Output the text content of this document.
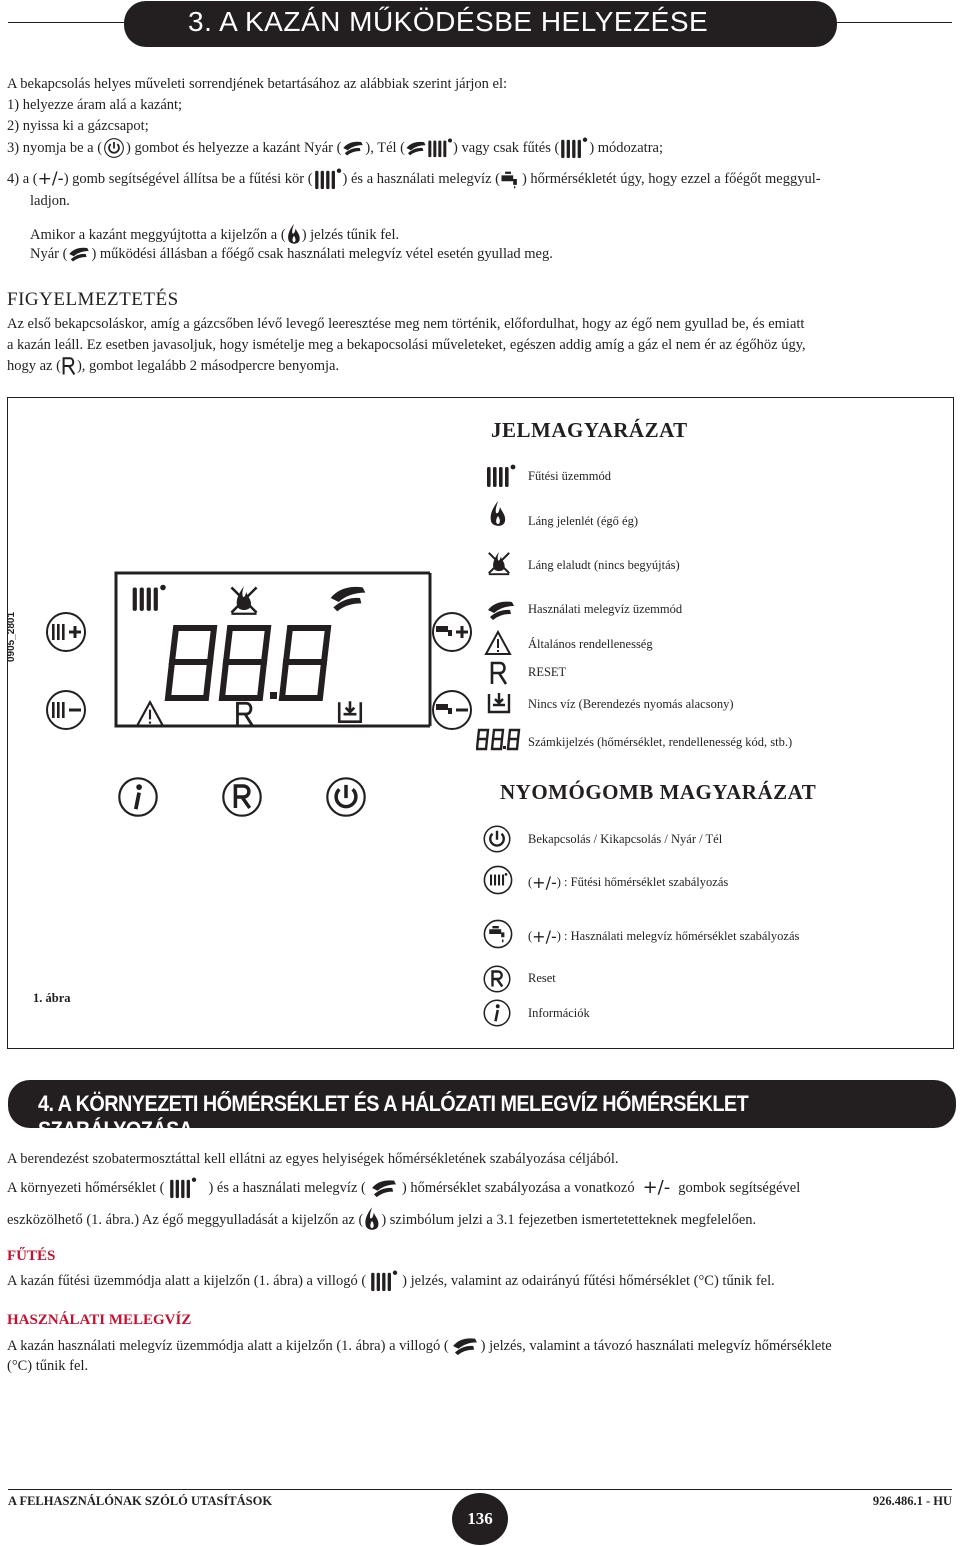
3. A KAZÁN MŰKÖDÉSBE HELYEZÉSE
A bekapcsolás helyes műveleti sorrendjének betartásához az alábbiak szerint járjon el:
1) helyezze áram alá a kazánt;
2) nyissa ki a gázcsapot;
3) nyomja be a ( ) gombot és helyezze a kazánt Nyár ( ), Tél (	) vagy csak fűtés ( ) módozatra;
4) a ( +/- ) gomb segítségével állítsa be a fűtési kör ( ) és a használati melegvíz ( ) hőrmérsékletét úgy, hogy ezzel a főégőt meggyul-
ladjon.
Amikor a kazánt meggyújtotta a kijelzőn a ( ) jelzés tűnik fel.
Nyár ( ) működési állásban a főégő csak használati melegvíz vétel esetén gyullad meg.
FIGYELMEZTETÉS
Az első bekapcsoláskor, amíg a gázcsőben lévő levegő leeresztése meg nem történik, előfordulhat, hogy az égő nem gyullad be, és emiatt
a kazán leáll. Ez esetben javasoljuk, hogy ismételje meg a bekapocsolási műveleteket, egészen addig amíg a gáz el nem ér az égőhöz úgy,
hogy az ( ), gombot legalább 2 másodpercre benyomja.
0905_2801
1. ábra
JELMAGYARÁZAT
Fűtési üzemmód
Láng jelenlét (égő ég)
Láng elaludt (nincs begyújtás)
Használati melegvíz üzemmód
Általános rendellenesség
RESET
Nincs víz (Berendezés nyomás alacsony)
Számkijelzés (hőmérséklet, rendellenesség kód, stb.)
NYOMÓGOMB MAGYARÁZAT
Bekapcsolás / Kikapcsolás / Nyár / Tél
( +/- ) : Fűtési hőmérséklet szabályozás
( +/- ) : Használati melegvíz hőmérséklet szabályozás
Reset
Információk
4. A KÖRNYEZETI HŐMÉRSÉKLET ÉS A HÁLÓZATI MELEGVÍZ HŐMÉRSÉKLET SZABÁLYOZÁSA
A berendezést szobatermosztáttal kell ellátni az egyes helyiségek hőmérsékletének szabályozása céljából.
A környezeti hőmérséklet (	) és a használati melegvíz ( ) hőmérséklet szabályozása a vonatkozó +/- gombok segítségével
eszközölhető (1. ábra.) Az égő meggyulladását a kijelzőn az ( ) szimbólum jelzi a 3.1 fejezetben ismertetetteknek megfelelően.
FŰTÉS
A kazán fűtési üzemmódja alatt a kijelzőn (1. ábra) a villogó ( ) jelzés, valamint az odairányú fűtési hőmérséklet (°C) tűnik fel.
HASZNÁLATI MELEGVÍZ
A kazán használati melegvíz üzemmódja alatt a kijelzőn (1. ábra) a villogó ( ) jelzés, valamint a távozó használati melegvíz hőmérséklete
(°C) tűnik fel.
A FELHASZNÁLÓNAK SZÓLÓ UTASÍTÁSOK	926.486.1 - HU
136
